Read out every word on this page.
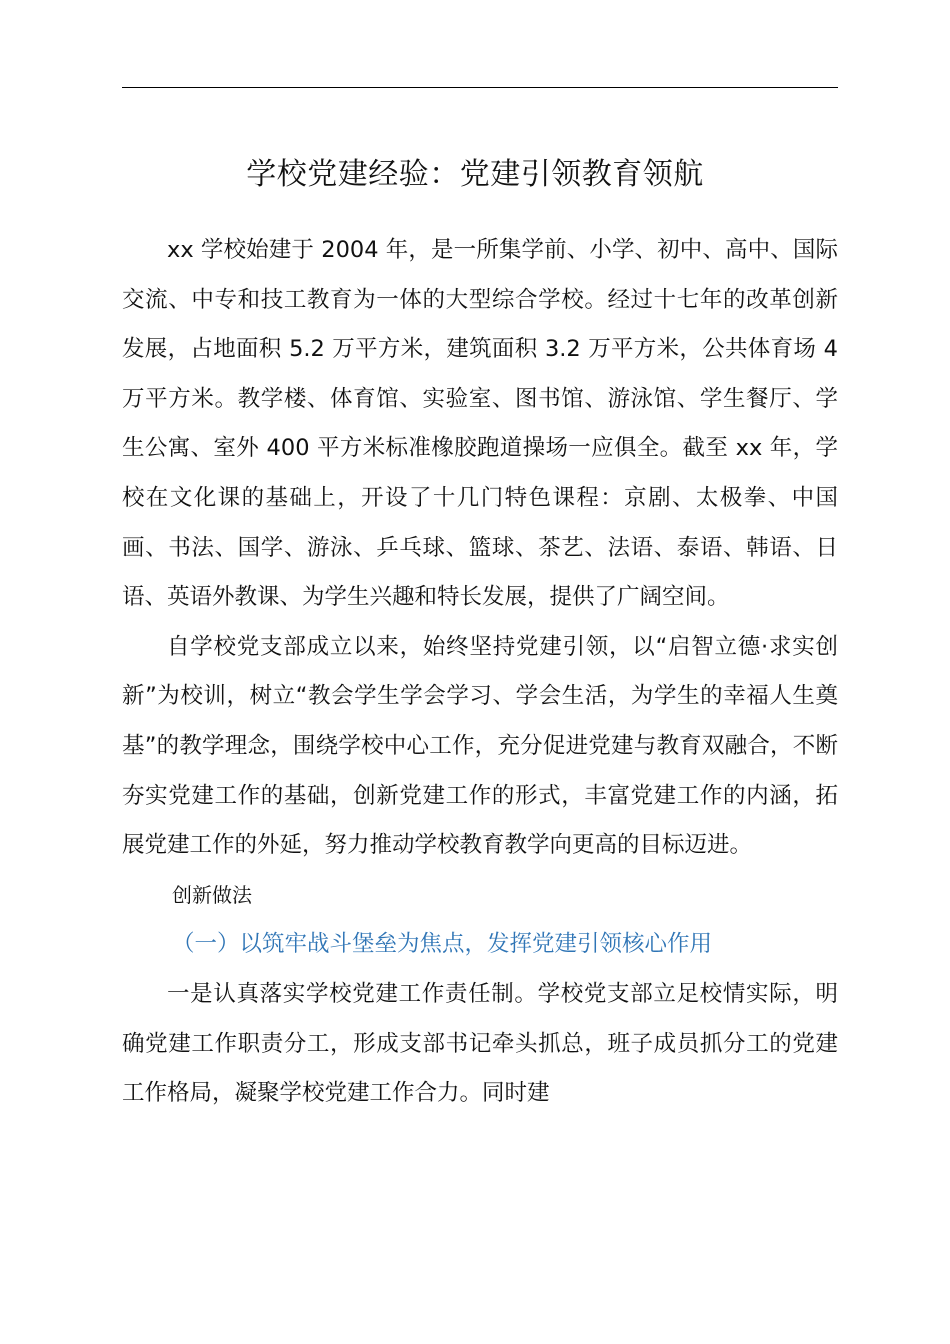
学校党建经验：党建引领教育领航

xx 学校始建于 2004 年，是一所集学前、小学、初中、高中、国际交流、中专和技工教育为一体的大型综合学校。经过十七年的改革创新发展，占地面积 5.2 万平方米，建筑面积 3.2 万平方米，公共体育场 4 万平方米。教学楼、体育馆、实验室、图书馆、游泳馆、学生餐厅、学生公寓、室外 400 平方米标准橡胶跑道操场一应俱全。截至 xx 年，学校在文化课的基础上，开设了十几门特色课程：京剧、太极拳、中国画、书法、国学、游泳、乒乓球、篮球、茶艺、法语、泰语、韩语、日语、英语外教课、为学生兴趣和特长发展，提供了广阔空间。

自学校党支部成立以来，始终坚持党建引领，以“启智立德·求实创新”为校训，树立“教会学生学会学习、学会生活，为学生的幸福人生奠基”的教学理念，围绕学校中心工作，充分促进党建与教育双融合，不断夯实党建工作的基础，创新党建工作的形式，丰富党建工作的内涵，拓展党建工作的外延，努力推动学校教育教学向更高的目标迈进。

创新做法

（一）以筑牢战斗堡垒为焦点，发挥党建引领核心作用

一是认真落实学校党建工作责任制。学校党支部立足校情实际，明确党建工作职责分工，形成支部书记牵头抓总，班子成员抓分工的党建工作格局，凝聚学校党建工作合力。同时建
